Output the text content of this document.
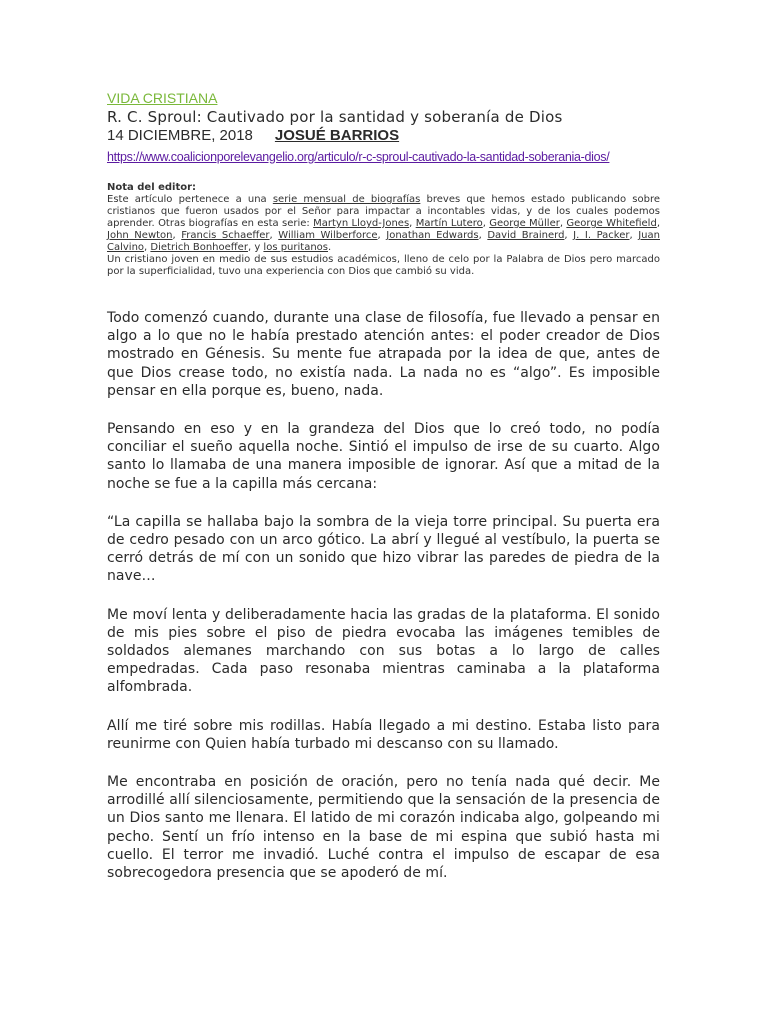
VIDA CRISTIANA

R. C. Sproul: Cautivado por la santidad y soberanía de Dios

14 DICIEMBRE, 2018 JOSUÉ BARRIOS

https://www.coalicionporelevangelio.org/articulo/r-c-sproul-cautivado-la-santidad-soberania-dios/

Nota del editor:

Este artículo pertenece a una serie mensual de biografías breves que hemos estado publicando sobre cristianos que fueron usados por el Señor para impactar a incontables vidas, y de los cuales podemos aprender. Otras biografías en esta serie: Martyn Lloyd-Jones, Martín Lutero, George Müller, George Whitefield, John Newton, Francis Schaeffer, William Wilberforce, Jonathan Edwards, David Brainerd, J. I. Packer, Juan Calvino, Dietrich Bonhoeffer, y los puritanos.

Un cristiano joven en medio de sus estudios académicos, lleno de celo por la Palabra de Dios pero marcado por la superficialidad, tuvo una experiencia con Dios que cambió su vida.

Todo comenzó cuando, durante una clase de filosofía, fue llevado a pensar en algo a lo que no le había prestado atención antes: el poder creador de Dios mostrado en Génesis. Su mente fue atrapada por la idea de que, antes de que Dios crease todo, no existía nada. La nada no es “algo”. Es imposible pensar en ella porque es, bueno, nada.

Pensando en eso y en la grandeza del Dios que lo creó todo, no podía conciliar el sueño aquella noche. Sintió el impulso de irse de su cuarto. Algo santo lo llamaba de una manera imposible de ignorar. Así que a mitad de la noche se fue a la capilla más cercana:

“La capilla se hallaba bajo la sombra de la vieja torre principal. Su puerta era de cedro pesado con un arco gótico. La abrí y llegué al vestíbulo, la puerta se cerró detrás de mí con un sonido que hizo vibrar las paredes de piedra de la nave…

Me moví lenta y deliberadamente hacia las gradas de la plataforma. El sonido de mis pies sobre el piso de piedra evocaba las imágenes temibles de soldados alemanes marchando con sus botas a lo largo de calles empedradas. Cada paso resonaba mientras caminaba a la plataforma alfombrada.

Allí me tiré sobre mis rodillas. Había llegado a mi destino. Estaba listo para reunirme con Quien había turbado mi descanso con su llamado.

Me encontraba en posición de oración, pero no tenía nada qué decir. Me arrodillé allí silenciosamente, permitiendo que la sensación de la presencia de un Dios santo me llenara. El latido de mi corazón indicaba algo, golpeando mi pecho. Sentí un frío intenso en la base de mi espina que subió hasta mi cuello. El terror me invadió. Luché contra el impulso de escapar de esa sobrecogedora presencia que se apoderó de mí.
